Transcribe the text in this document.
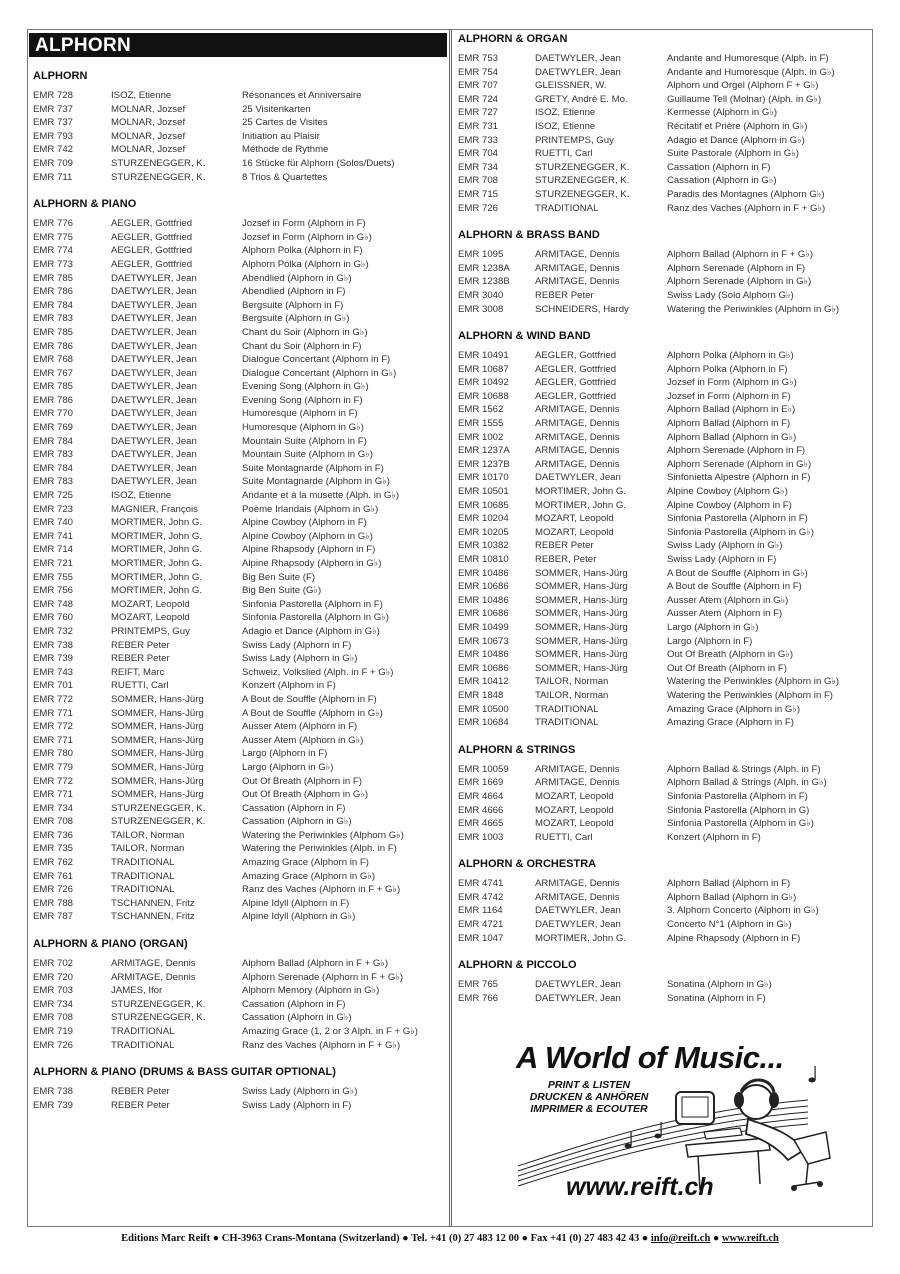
ALPHORN
ALPHORN
EMR 728	ISOZ, Etienne	Résonances et Anniversaire
EMR 737	MOLNAR, Jozsef	25 Visitenkarten
EMR 737	MOLNAR, Jozsef	25 Cartes de Visites
EMR 793	MOLNAR, Jozsef	Initiation au Plaisir
EMR 742	MOLNAR, Jozsef	Méthode de Rythme
EMR 709	STURZENEGGER, K.	16 Stücke für Alphorn (Solos/Duets)
EMR 711	STURZENEGGER, K.	8 Trios & Quartettes
ALPHORN & PIANO
EMR 776	AEGLER, Gottfried	Jozsef in Form (Alphorn in F)
EMR 775	AEGLER, Gottfried	Jozsef in Form (Alphorn in G♭)
EMR 774	AEGLER, Gottfried	Alphorn Polka (Alphorn in F)
EMR 773	AEGLER, Gottfried	Alphorn Polka (Alphorn in G♭)
EMR 785	DAETWYLER, Jean	Abendlied (Alphorn in G♭)
EMR 786	DAETWYLER, Jean	Abendlied (Alphorn in F)
EMR 784	DAETWYLER, Jean	Bergsuite (Alphorn in F)
EMR 783	DAETWYLER, Jean	Bergsuite (Alphorn in G♭)
EMR 785	DAETWYLER, Jean	Chant du Soir (Alphorn in G♭)
EMR 786	DAETWYLER, Jean	Chant du Soir (Alphorn in F)
EMR 768	DAETWYLER, Jean	Dialogue Concertant (Alphorn in F)
EMR 767	DAETWYLER, Jean	Dialogue Concertant (Alphorn in G♭)
EMR 785	DAETWYLER, Jean	Evening Song (Alphorn in G♭)
EMR 786	DAETWYLER, Jean	Evening Song (Alphorn in F)
EMR 770	DAETWYLER, Jean	Humoresque (Alphorn in F)
EMR 769	DAETWYLER, Jean	Humoresque (Alphorn in G♭)
EMR 784	DAETWYLER, Jean	Mountain Suite (Alphorn in F)
EMR 783	DAETWYLER, Jean	Mountain Suite (Alphorn in G♭)
EMR 784	DAETWYLER, Jean	Suite Montagnarde (Alphorn in F)
EMR 783	DAETWYLER, Jean	Suite Montagnarde (Alphorn in G♭)
EMR 725	ISOZ, Etienne	Andante et à la musette (Alph. in G♭)
EMR 723	MAGNIER, François	Poème Irlandais (Alphorn in G♭)
EMR 740	MORTIMER, John G.	Alpine Cowboy (Alphorn in F)
EMR 741	MORTIMER, John G.	Alpine Cowboy (Alphorn in G♭)
EMR 714	MORTIMER, John G.	Alpine Rhapsody (Alphorn in F)
EMR 721	MORTIMER, John G.	Alpine Rhapsody (Alphorn in G♭)
EMR 755	MORTIMER, John G.	Big Ben Suite (F)
EMR 756	MORTIMER, John G.	Big Ben Suite (G♭)
EMR 748	MOZART, Leopold	Sinfonia Pastorella (Alphorn in F)
EMR 760	MOZART, Leopold	Sinfonia Pastorella (Alphorn in G♭)
EMR 732	PRINTEMPS, Guy	Adagio et Dance (Alphorn in G♭)
EMR 738	REBER Peter	Swiss Lady (Alphorn in F)
EMR 739	REBER Peter	Swiss Lady (Alphorn in G♭)
EMR 743	REIFT, Marc	Schweiz. Volkslied (Alph. in F + G♭)
EMR 701	RUETTI, Carl	Konzert (Alphorn in F)
EMR 772	SOMMER, Hans-Jürg	A Bout de Souffle (Alphorn in F)
EMR 771	SOMMER, Hans-Jürg	A Bout de Souffle (Alphorn in G♭)
EMR 772	SOMMER, Hans-Jürg	Ausser Atem (Alphorn in F)
EMR 771	SOMMER, Hans-Jürg	Ausser Atem (Alphorn in G♭)
EMR 780	SOMMER, Hans-Jürg	Largo (Alphorn in F)
EMR 779	SOMMER, Hans-Jürg	Largo (Alphorn in G♭)
EMR 772	SOMMER, Hans-Jürg	Out Of Breath (Alphorn in F)
EMR 771	SOMMER, Hans-Jürg	Out Of Breath (Alphorn in G♭)
EMR 734	STURZENEGGER, K.	Cassation (Alphorn in F)
EMR 708	STURZENEGGER, K.	Cassation (Alphorn in G♭)
EMR 736	TAILOR, Norman	Watering the Periwinkles (Alphorn G♭)
EMR 735	TAILOR, Norman	Watering the Periwinkles (Alph. in F)
EMR 762	TRADITIONAL	Amazing Grace (Alphorn in F)
EMR 761	TRADITIONAL	Amazing Grace (Alphorn in G♭)
EMR 726	TRADITIONAL	Ranz des Vaches (Alphorn in F + G♭)
EMR 788	TSCHANNEN, Fritz	Alpine Idyll (Alphorn in F)
EMR 787	TSCHANNEN, Fritz	Alpine Idyll (Alphorn in G♭)
ALPHORN & PIANO (ORGAN)
EMR 702	ARMITAGE, Dennis	Alphorn Ballad (Alphorn in F + G♭)
EMR 720	ARMITAGE, Dennis	Alphorn Serenade (Alphorn in F + G♭)
EMR 703	JAMES, Ifor	Alphorn Memory (Alphorn in G♭)
EMR 734	STURZENEGGER, K.	Cassation (Alphorn in F)
EMR 708	STURZENEGGER, K.	Cassation (Alphorn in G♭)
EMR 719	TRADITIONAL	Amazing Grace (1, 2 or 3 Alph. in F + G♭)
EMR 726	TRADITIONAL	Ranz des Vaches (Alphorn in F + G♭)
ALPHORN & PIANO (DRUMS & BASS GUITAR OPTIONAL)
EMR 738	REBER Peter	Swiss Lady (Alphorn in G♭)
EMR 739	REBER Peter	Swiss Lady (Alphorn in F)
ALPHORN & ORGAN
EMR 753	DAETWYLER, Jean	Andante and Humoresque (Alph. in F)
EMR 754	DAETWYLER, Jean	Andante and Humoresque (Alph. in G♭)
EMR 707	GLEISSNER, W.	Alphorn und Orgel (Alphorn F + G♭)
EMR 724	GRETY, André E. Mo.	Guillaume Tell (Molnar) (Alph. in G♭)
EMR 727	ISOZ, Etienne	Kermesse (Alphorn in G♭)
EMR 731	ISOZ, Etienne	Récitatif et Prière (Alphorn in G♭)
EMR 733	PRINTEMPS, Guy	Adagio et Dance (Alphorn in G♭)
EMR 704	RUETTI, Carl	Suite Pastorale (Alphorn in G♭)
EMR 734	STURZENEGGER, K.	Cassation (Alphorn in F)
EMR 708	STURZENEGGER, K.	Cassation (Alphorn in G♭)
EMR 715	STURZENEGGER, K.	Paradis des Montagnes (Alphorn G♭)
EMR 726	TRADITIONAL	Ranz des Vaches (Alphorn in F + G♭)
ALPHORN & BRASS BAND
EMR 1095	ARMITAGE, Dennis	Alphorn Ballad (Alphorn in F + G♭)
EMR 1238A	ARMITAGE, Dennis	Alphorn Serenade (Alphorn in F)
EMR 1238B	ARMITAGE, Dennis	Alphorn Serenade (Alphorn in G♭)
EMR 3040	REBER Peter	Swiss Lady (Solo Alphorn G♭)
EMR 3008	SCHNEIDERS, Hardy	Watering the Periwinkles (Alphorn in G♭)
ALPHORN & WIND BAND
EMR 10491	AEGLER, Gottfried	Alphorn Polka (Alphorn in G♭)
EMR 10687	AEGLER, Gottfried	Alphorn Polka (Alphorn in F)
EMR 10492	AEGLER, Gottfried	Jozsef in Form (Alphorn in G♭)
EMR 10688	AEGLER, Gottfried	Jozsef in Form (Alphorn in F)
EMR 1562	ARMITAGE, Dennis	Alphorn Ballad (Alphorn in E♭)
EMR 1555	ARMITAGE, Dennis	Alphorn Ballad (Alphorn in F)
EMR 1002	ARMITAGE, Dennis	Alphorn Ballad (Alphorn in G♭)
EMR 1237A	ARMITAGE, Dennis	Alphorn Serenade (Alphorn in F)
EMR 1237B	ARMITAGE, Dennis	Alphorn Serenade (Alphorn in G♭)
EMR 10170	DAETWYLER, Jean	Sinfonietta Alpestre (Alphorn in F)
EMR 10501	MORTIMER, John G.	Alpine Cowboy (Alphorn G♭)
EMR 10685	MORTIMER, John G.	Alpine Cowboy (Alphorn in F)
EMR 10204	MOZART, Leopold	Sinfonia Pastorella (Alphorn in F)
EMR 10205	MOZART, Leopold	Sinfonia Pastorella (Alphorn in G♭)
EMR 10382	REBER Peter	Swiss Lady (Alphorn in G♭)
EMR 10810	REBER, Peter	Swiss Lady (Alphorn in F)
EMR 10486	SOMMER, Hans-Jürg	A Bout de Souffle (Alphorn in G♭)
EMR 10686	SOMMER, Hans-Jürg	A Bout de Souffle (Alphorn in F)
EMR 10486	SOMMER, Hans-Jürg	Ausser Atem (Alphorn in G♭)
EMR 10686	SOMMER, Hans-Jürg	Ausser Atem (Alphorn in F)
EMR 10499	SOMMER, Hans-Jürg	Largo (Alphorn in G♭)
EMR 10673	SOMMER, Hans-Jürg	Largo (Alphorn in F)
EMR 10486	SOMMER, Hans-Jürg	Out Of Breath (Alphorn in G♭)
EMR 10686	SOMMER, Hans-Jürg	Out Of Breath (Alphorn in F)
EMR 10412	TAILOR, Norman	Watering the Periwinkles (Alphorn in G♭)
EMR 1848	TAILOR, Norman	Watering the Periwinkles (Alphorn in F)
EMR 10500	TRADITIONAL	Amazing Grace (Alphorn in G♭)
EMR 10684	TRADITIONAL	Amazing Grace (Alphorn in F)
ALPHORN & STRINGS
EMR 10059	ARMITAGE, Dennis	Alphorn Ballad & Strings (Alph. in F)
EMR 1669	ARMITAGE, Dennis	Alphorn Ballad & Strings (Alph. in G♭)
EMR 4664	MOZART, Leopold	Sinfonia Pastorella (Alphorn in F)
EMR 4666	MOZART, Leopold	Sinfonia Pastorella (Alphorn in G)
EMR 4665	MOZART, Leopold	Sinfonia Pastorella (Alphorn in G♭)
EMR 1003	RUETTI, Carl	Konzert (Alphorn in F)
ALPHORN & ORCHESTRA
EMR 4741	ARMITAGE, Dennis	Alphorn Ballad (Alphorn in F)
EMR 4742	ARMITAGE, Dennis	Alphorn Ballad (Alphorn in G♭)
EMR 1164	DAETWYLER, Jean	3. Alphorn Concerto (Alphorn in G♭)
EMR 4721	DAETWYLER, Jean	Concerto N°1 (Alphorn in G♭)
EMR 1047	MORTIMER, John G.	Alpine Rhapsody (Alphorn in F)
ALPHORN & PICCOLO
EMR 765	DAETWYLER, Jean	Sonatina (Alphorn in G♭)
EMR 766	DAETWYLER, Jean	Sonatina (Alphorn in F)
A World of Music...
PRINT & LISTEN
DRUCKEN & ANHÖREN
IMPRIMER & ECOUTER
www.reift.ch
Editions Marc Reift ● CH-3963 Crans-Montana (Switzerland) ● Tel. +41 (0) 27 483 12 00 ● Fax +41 (0) 27 483 42 43 ● info@reift.ch ● www.reift.ch
